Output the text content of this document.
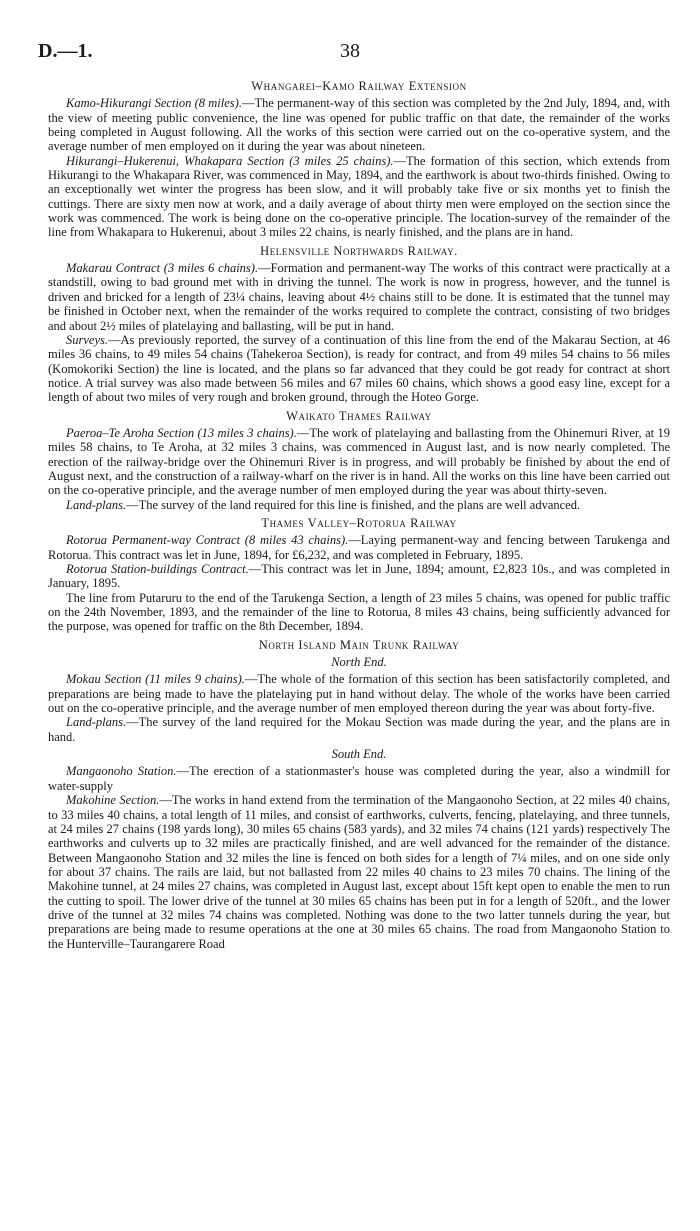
D.—1.	38
Whangarei–Kamo Railway Extension

Kamo-Hikurangi Section (8 miles).—The permanent-way of this section was completed by the 2nd July, 1894, and, with the view of meeting public convenience, the line was opened for public traffic on that date, the remainder of the works being completed in August following. All the works of this section were carried out on the co-operative system, and the average number of men employed on it during the year was about nineteen.

Hikurangi–Hukerenui, Whakapara Section (3 miles 25 chains).—The formation of this section, which extends from Hikurangi to the Whakapara River, was commenced in May, 1894, and the earthwork is about two-thirds finished. Owing to an exceptionally wet winter the progress has been slow, and it will probably take five or six months yet to finish the cuttings. There are sixty men now at work, and a daily average of about thirty men were employed on the section since the work was commenced. The work is being done on the co-operative principle. The location-survey of the remainder of the line from Whakapara to Hukerenui, about 3 miles 22 chains, is nearly finished, and the plans are in hand.

Helensville Northwards Railway.

Makarau Contract (3 miles 6 chains).—Formation and permanent-way The works of this contract were practically at a standstill, owing to bad ground met with in driving the tunnel. The work is now in progress, however, and the tunnel is driven and bricked for a length of 23¼ chains, leaving about 4½ chains still to be done. It is estimated that the tunnel may be finished in October next, when the remainder of the works required to complete the contract, consisting of two bridges and about 2½ miles of platelaying and ballasting, will be put in hand.

Surveys.—As previously reported, the survey of a continuation of this line from the end of the Makarau Section, at 46 miles 36 chains, to 49 miles 54 chains (Tahekeroa Section), is ready for contract, and from 49 miles 54 chains to 56 miles (Komokoriki Section) the line is located, and the plans so far advanced that they could be got ready for contract at short notice. A trial survey was also made between 56 miles and 67 miles 60 chains, which shows a good easy line, except for a length of about two miles of very rough and broken ground, through the Hoteo Gorge.

Waikato Thames Railway

Paeroa–Te Aroha Section (13 miles 3 chains).—The work of platelaying and ballasting from the Ohinemuri River, at 19 miles 58 chains, to Te Aroha, at 32 miles 3 chains, was commenced in August last, and is now nearly completed. The erection of the railway-bridge over the Ohinemuri River is in progress, and will probably be finished by about the end of August next, and the construction of a railway-wharf on the river is in hand. All the works on this line have been carried out on the co-operative principle, and the average number of men employed during the year was about thirty-seven.

Land-plans.—The survey of the land required for this line is finished, and the plans are well advanced.

Thames Valley–Rotorua Railway

Rotorua Permanent-way Contract (8 miles 43 chains).—Laying permanent-way and fencing between Tarukenga and Rotorua. This contract was let in June, 1894, for £6,232, and was completed in February, 1895.

Rotorua Station-buildings Contract.—This contract was let in June, 1894; amount, £2,823 10s., and was completed in January, 1895.

The line from Putaruru to the end of the Tarukenga Section, a length of 23 miles 5 chains, was opened for public traffic on the 24th November, 1893, and the remainder of the line to Rotorua, 8 miles 43 chains, being sufficiently advanced for the purpose, was opened for traffic on the 8th December, 1894.

North Island Main Trunk Railway
North End.

Mokau Section (11 miles 9 chains).—The whole of the formation of this section has been satisfactorily completed, and preparations are being made to have the platelaying put in hand without delay. The whole of the works have been carried out on the co-operative principle, and the average number of men employed thereon during the year was about forty-five.

Land-plans.—The survey of the land required for the Mokau Section was made during the year, and the plans are in hand.

South End.

Mangaonoho Station.—The erection of a stationmaster's house was completed during the year, also a windmill for water-supply

Makohine Section.—The works in hand extend from the termination of the Mangaonoho Section, at 22 miles 40 chains, to 33 miles 40 chains, a total length of 11 miles, and consist of earthworks, culverts, fencing, platelaying, and three tunnels, at 24 miles 27 chains (198 yards long), 30 miles 65 chains (583 yards), and 32 miles 74 chains (121 yards) respectively The earthworks and culverts up to 32 miles are practically finished, and are well advanced for the remainder of the distance. Between Mangaonoho Station and 32 miles the line is fenced on both sides for a length of 7¼ miles, and on one side only for about 37 chains. The rails are laid, but not ballasted from 22 miles 40 chains to 23 miles 70 chains. The lining of the Makohine tunnel, at 24 miles 27 chains, was completed in August last, except about 15ft kept open to enable the men to run the cutting to spoil. The lower drive of the tunnel at 30 miles 65 chains has been put in for a length of 520ft., and the lower drive of the tunnel at 32 miles 74 chains was completed. Nothing was done to the two latter tunnels during the year, but preparations are being made to resume operations at the one at 30 miles 65 chains. The road from Mangaonoho Station to the Hunterville–Taurangarere Road
